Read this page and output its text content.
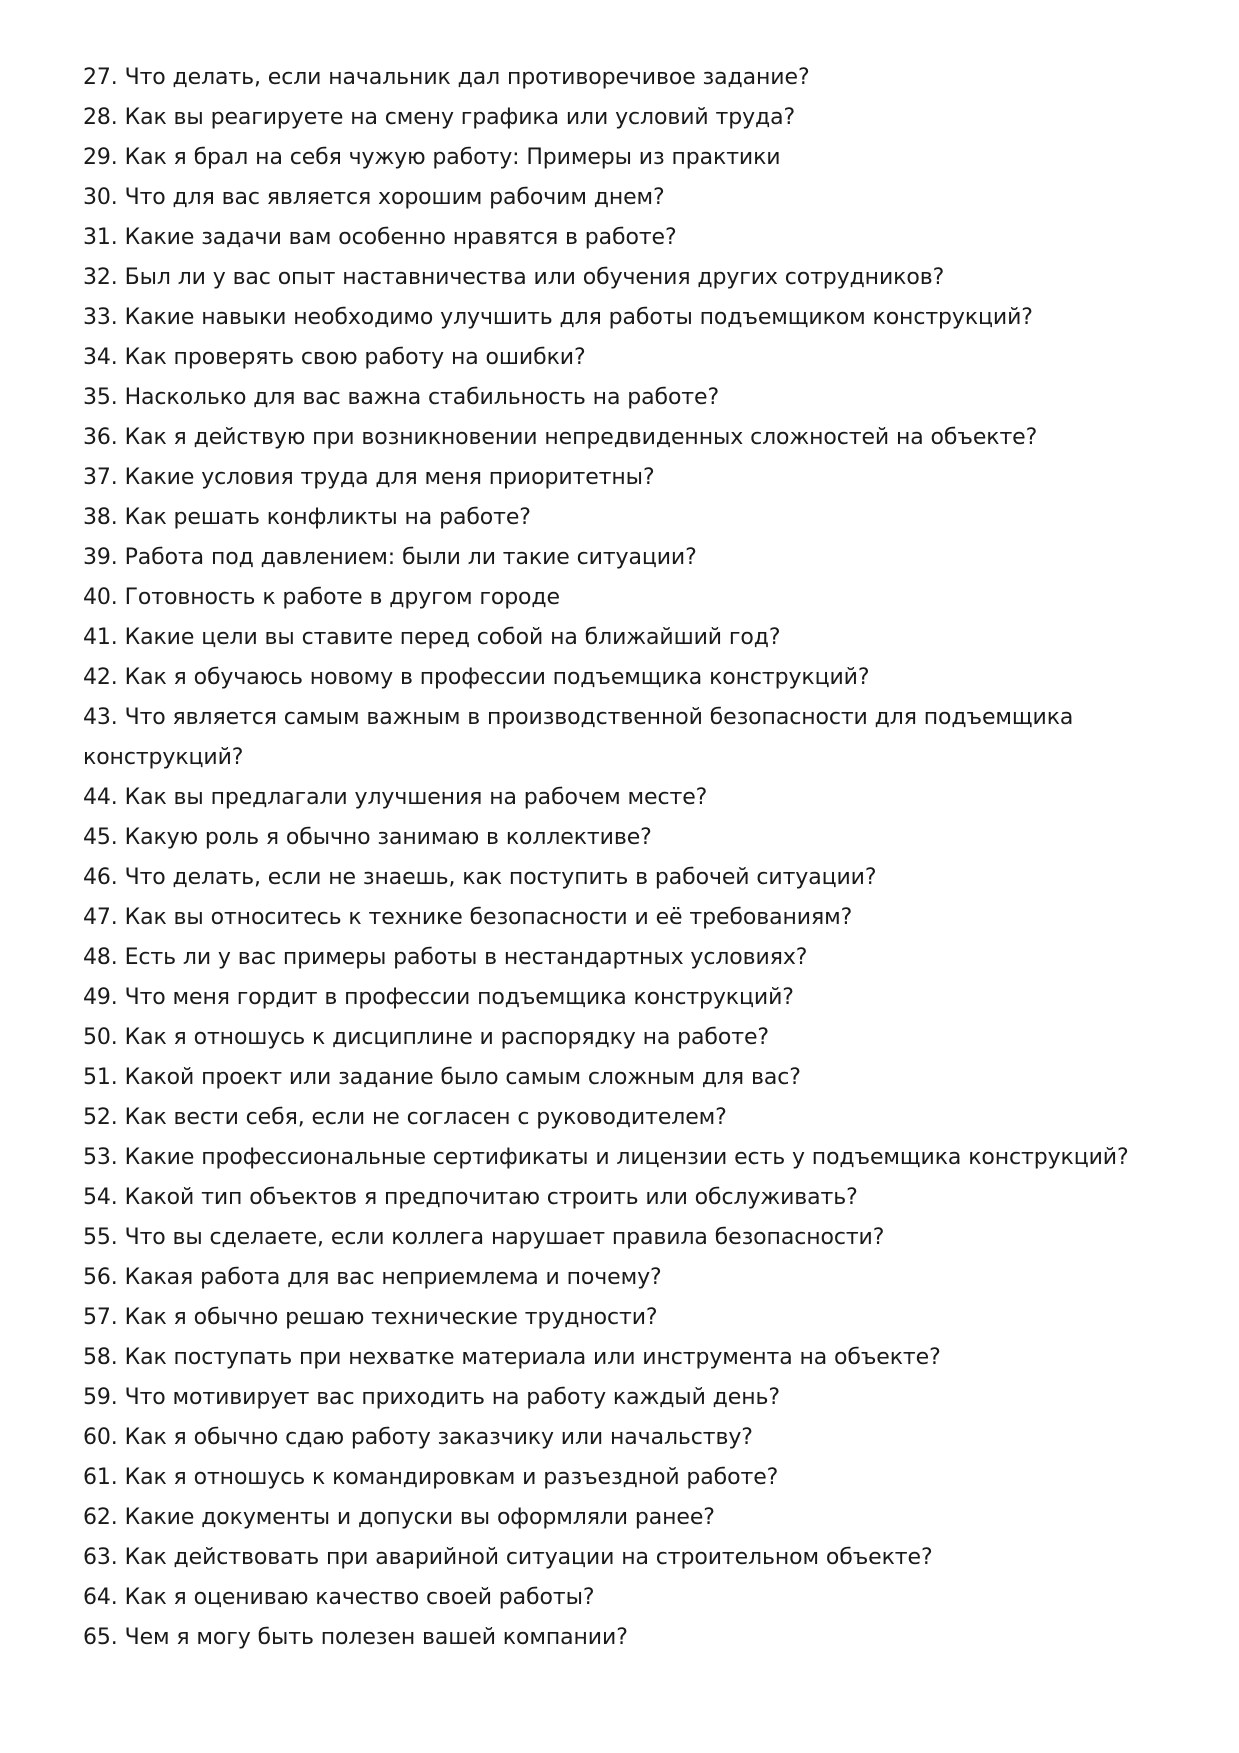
27. Что делать, если начальник дал противоречивое задание?
28. Как вы реагируете на смену графика или условий труда?
29. Как я брал на себя чужую работу: Примеры из практики
30. Что для вас является хорошим рабочим днем?
31. Какие задачи вам особенно нравятся в работе?
32. Был ли у вас опыт наставничества или обучения других сотрудников?
33. Какие навыки необходимо улучшить для работы подъемщиком конструкций?
34. Как проверять свою работу на ошибки?
35. Насколько для вас важна стабильность на работе?
36. Как я действую при возникновении непредвиденных сложностей на объекте?
37. Какие условия труда для меня приоритетны?
38. Как решать конфликты на работе?
39. Работа под давлением: были ли такие ситуации?
40. Готовность к работе в другом городе
41. Какие цели вы ставите перед собой на ближайший год?
42. Как я обучаюсь новому в профессии подъемщика конструкций?
43. Что является самым важным в производственной безопасности для подъемщика конструкций?
44. Как вы предлагали улучшения на рабочем месте?
45. Какую роль я обычно занимаю в коллективе?
46. Что делать, если не знаешь, как поступить в рабочей ситуации?
47. Как вы относитесь к технике безопасности и её требованиям?
48. Есть ли у вас примеры работы в нестандартных условиях?
49. Что меня гордит в профессии подъемщика конструкций?
50. Как я отношусь к дисциплине и распорядку на работе?
51. Какой проект или задание было самым сложным для вас?
52. Как вести себя, если не согласен с руководителем?
53. Какие профессиональные сертификаты и лицензии есть у подъемщика конструкций?
54. Какой тип объектов я предпочитаю строить или обслуживать?
55. Что вы сделаете, если коллега нарушает правила безопасности?
56. Какая работа для вас неприемлема и почему?
57. Как я обычно решаю технические трудности?
58. Как поступать при нехватке материала или инструмента на объекте?
59. Что мотивирует вас приходить на работу каждый день?
60. Как я обычно сдаю работу заказчику или начальству?
61. Как я отношусь к командировкам и разъездной работе?
62. Какие документы и допуски вы оформляли ранее?
63. Как действовать при аварийной ситуации на строительном объекте?
64. Как я оцениваю качество своей работы?
65. Чем я могу быть полезен вашей компании?
